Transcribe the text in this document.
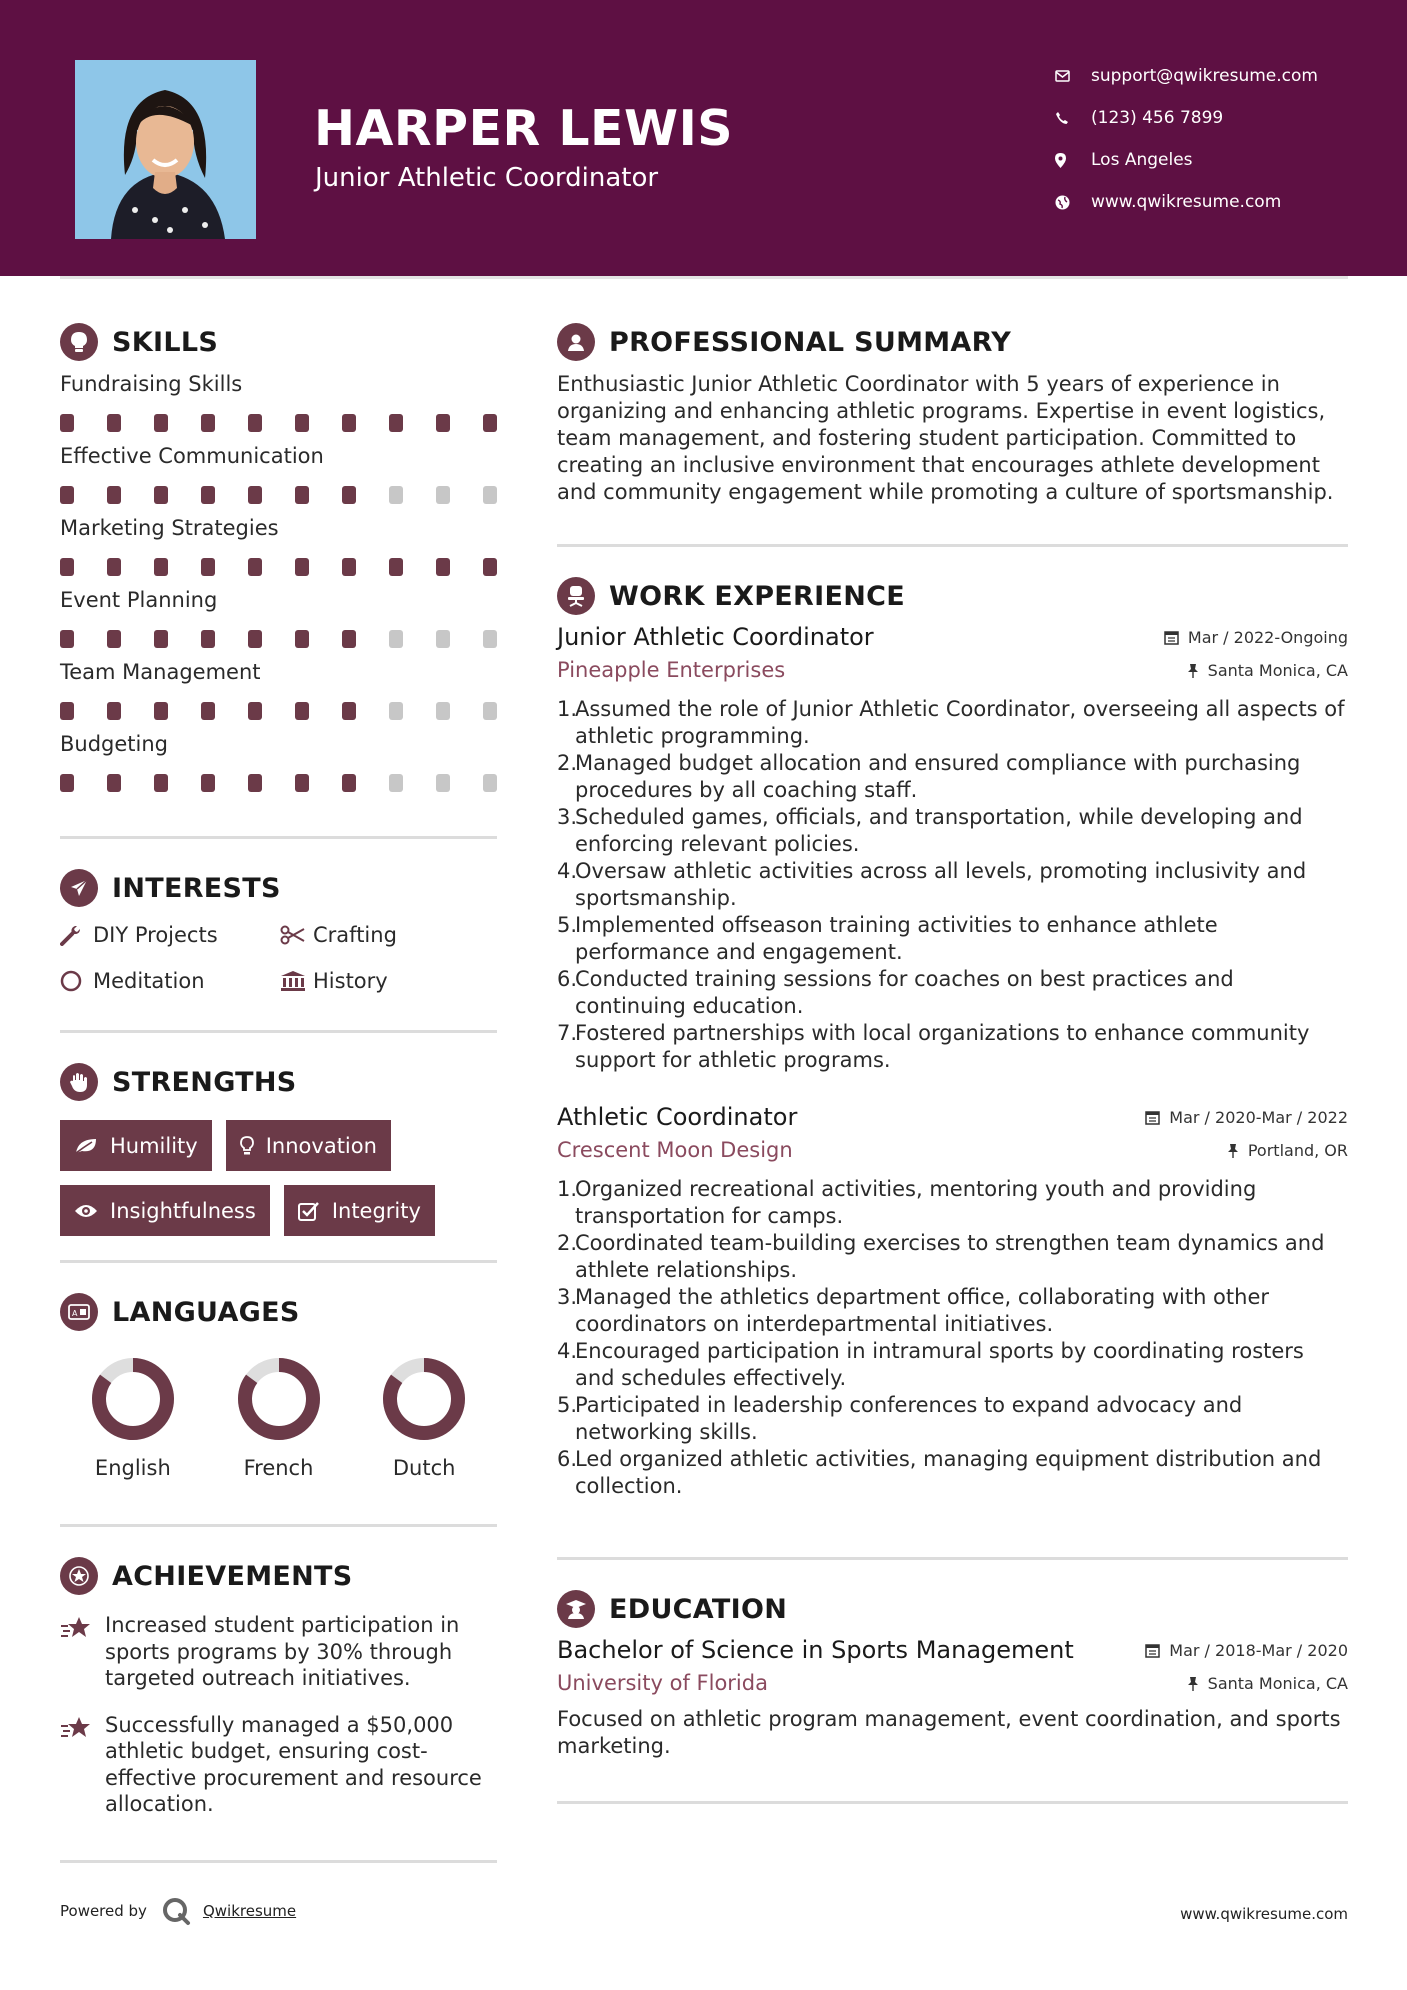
HARPER LEWIS
Junior Athletic Coordinator
support@qwikresume.com
(123) 456 7899
Los Angeles
www.qwikresume.com
SKILLS
Fundraising Skills
Effective Communication
Marketing Strategies
Event Planning
Team Management
Budgeting
INTERESTS
DIY Projects	Crafting
Meditation	History
STRENGTHS
Humility	Innovation
Insightfulness	Integrity
A LANGUAGES
English	French	Dutch
ACHIEVEMENTS
Increased student participation in sports programs by 30% through targeted outreach initiatives.
Successfully managed a $50,000 athletic budget, ensuring cost-effective procurement and resource allocation.
PROFESSIONAL SUMMARY
Enthusiastic Junior Athletic Coordinator with 5 years of experience in organizing and enhancing athletic programs. Expertise in event logistics, team management, and fostering student participation. Committed to creating an inclusive environment that encourages athlete development and community engagement while promoting a culture of sportsmanship.
WORK EXPERIENCE
Junior Athletic Coordinator	Mar / 2022-Ongoing
Pineapple Enterprises	Santa Monica, CA
1.
Assumed the role of Junior Athletic Coordinator, overseeing all aspects of athletic programming.
2.
Managed budget allocation and ensured compliance with purchasing procedures by all coaching staff.
3.
Scheduled games, officials, and transportation, while developing and enforcing relevant policies.
4.
Oversaw athletic activities across all levels, promoting inclusivity and sportsmanship.
5.
Implemented offseason training activities to enhance athlete performance and engagement.
6.
Conducted training sessions for coaches on best practices and continuing education.
7.
Fostered partnerships with local organizations to enhance community support for athletic programs.
Athletic Coordinator	Mar / 2020-Mar / 2022
Crescent Moon Design	Portland, OR
1.
Organized recreational activities, mentoring youth and providing transportation for camps.
2.
Coordinated team-building exercises to strengthen team dynamics and athlete relationships.
3.
Managed the athletics department office, collaborating with other coordinators on interdepartmental initiatives.
4.
Encouraged participation in intramural sports by coordinating rosters and schedules effectively.
5.
Participated in leadership conferences to expand advocacy and networking skills.
6.
Led organized athletic activities, managing equipment distribution and collection.
EDUCATION
Bachelor of Science in Sports Management	Mar / 2018-Mar / 2020
University of Florida	Santa Monica, CA
Focused on athletic program management, event coordination, and sports marketing.
Powered by	Qwikresume	www.qwikresume.com
